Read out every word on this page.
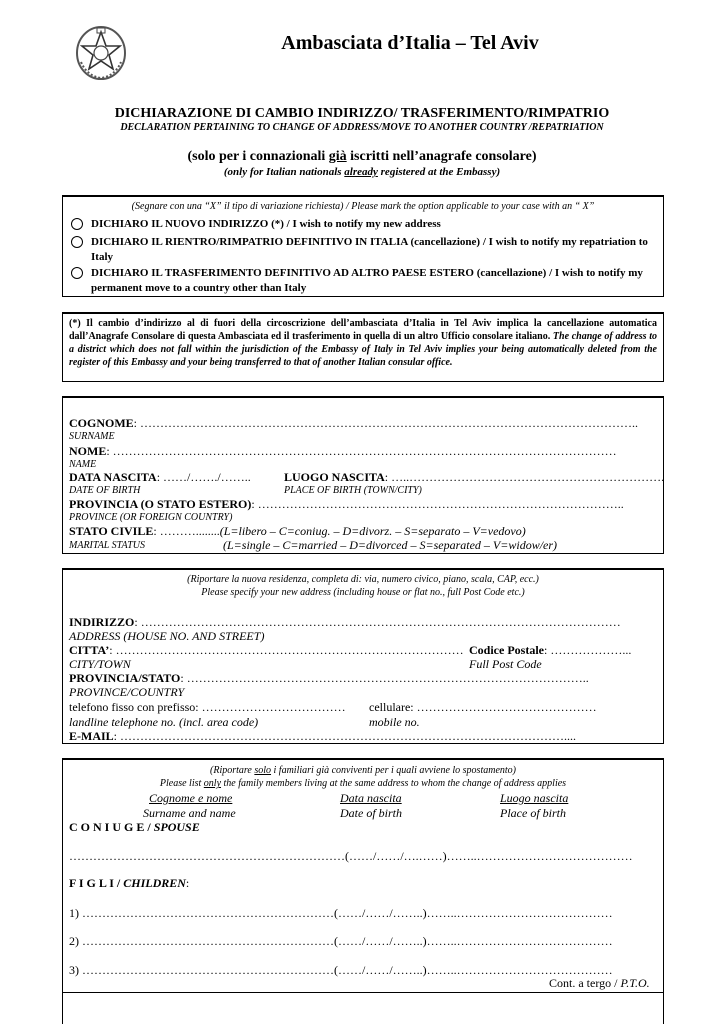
Ambasciata d’Italia – Tel Aviv
DICHIARAZIONE DI CAMBIO INDIRIZZO/ TRASFERIMENTO/RIMPATRIO
DECLARATION PERTAINING TO CHANGE OF ADDRESS/MOVE TO ANOTHER COUNTRY /REPATRIATION
(solo per i connazionali già iscritti nell’anagrafe consolare)
(only for Italian nationals already registered at the Embassy)
(Segnare con una “X” il tipo di variazione richiesta) / Please mark the option applicable to your case with an “ X”
DICHIARO IL NUOVO INDIRIZZO (*) / I wish to notify my new address
DICHIARO IL RIENTRO/RIMPATRIO DEFINITIVO IN ITALIA (cancellazione) / I wish to notify my repatriation to Italy
DICHIARO IL TRASFERIMENTO DEFINITIVO AD ALTRO PAESE ESTERO (cancellazione) / I wish to notify my permanent move to a country other than Italy
(*) Il cambio d’indirizzo al di fuori della circoscrizione dell’ambasciata d’Italia in Tel Aviv implica la cancellazione automatica dall’Anagrafe Consolare di questa Ambasciata ed il trasferimento in quella di un altro Ufficio consolare italiano. The change of address to a district which does not fall within the jurisdiction of the Embassy of Italy in Tel Aviv implies your being automatically deleted from the register of this Embassy and your being transferred to that of another Italian consular office.
COGNOME: ……………………………………………………………………………………………………………..
SURNAME
NOME: ………………………………………………………………………………………………………………
NAME
DATA NASCITA: ……/……./……..	LUOGO NASCITA: …..……………………………………………………….
DATE OF BIRTH	PLACE OF BIRTH (TOWN/CITY)
PROVINCIA (O STATO ESTERO): ………………………………………………………………………………..
PROVINCE (OR FOREIGN COUNTRY)
STATO CIVILE: ………........(L=libero – C=coniug. – D=divorz. – S=separato – V=vedovo)
MARITAL STATUS	(L=single – C=married – D=divorced – S=separated – V=widow/er)
(Riportare la nuova residenza, completa di: via, numero civico, piano, scala, CAP, ecc.)
Please specify your new address (including house or flat no., full Post Code etc.)
INDIRIZZO: …………………………………………………………………………………………………………
ADDRESS (HOUSE NO. AND STREET)
CITTA’: …………………………………………………………………………… Codice Postale: ………………...
CITY/TOWN	Full Post Code
PROVINCIA/STATO: ………………………………………………………………………………………..
PROVINCE/COUNTRY
telefono fisso con prefisso: ……………………………… cellulare: ………………………………………
landline telephone no. (incl. area code)	mobile no.
E-MAIL: …………………………………………………………………………………………………....
(Riportare solo i familiari già conviventi per i quali avviene lo spostamento)
Please list only the family members living at the same address to whom the change of address applies
Cognome e nome	Data nascita	Luogo nascita
Surname and name	Date of birth	Place of birth
C O N I U G E / SPOUSE
……………………………………………………………(……/……/….……)……..…………………………………
F I G L I / CHILDREN:
1) ………………………………………………………(……/……/……..)……..…………………………………
2) ………………………………………………………(……/……/……..)……..…………………………………
3) ………………………………………………………(……/……/……..)……..…………………………………
Cont. a tergo / P.T.O.
